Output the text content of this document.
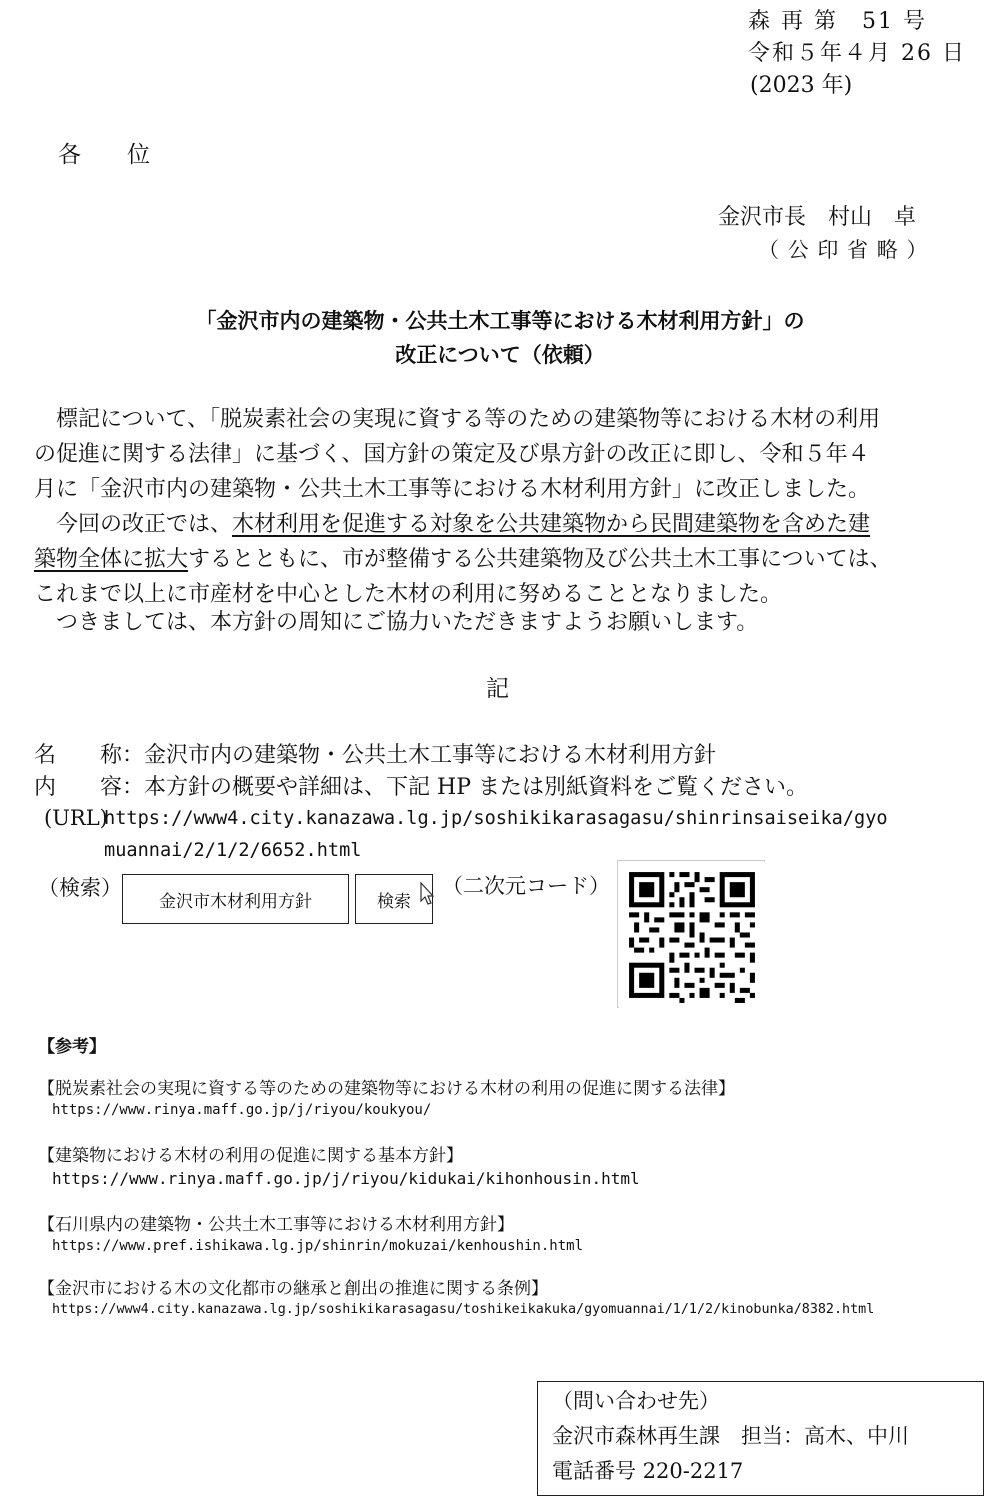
森 再 第　51 号
令和５年４月 26 日
(2023 年)
各　　位
金沢市長　村山　卓
（ 公 印 省 略 ）
「金沢市内の建築物・公共土木工事等における木材利用方針」の
改正について（依頼）
標記について、「脱炭素社会の実現に資する等のための建築物等における木材の利用
の促進に関する法律」に基づく、国方針の策定及び県方針の改正に即し、令和５年４
月に「金沢市内の建築物・公共土木工事等における木材利用方針」に改正しました。
今回の改正では、木材利用を促進する対象を公共建築物から民間建築物を含めた建
築物全体に拡大するとともに、市が整備する公共建築物及び公共土木工事については、
これまで以上に市産材を中心とした木材の利用に努めることとなりました。
つきましては、本方針の周知にご協力いただきますようお願いします。
記
名　　称：金沢市内の建築物・公共土木工事等における木材利用方針
内　　容：本方針の概要や詳細は、下記 HP または別紙資料をご覧ください。
(URL)
https://www4.city.kanazawa.lg.jp/soshikikarasagasu/shinrinsaiseika/gyo
muannai/2/1/2/6652.html
（検索）
金沢市木材利用方針	検索
（二次元コード）
【参考】
【脱炭素社会の実現に資する等のための建築物等における木材の利用の促進に関する法律】
https://www.rinya.maff.go.jp/j/riyou/koukyou/
【建築物における木材の利用の促進に関する基本方針】
https://www.rinya.maff.go.jp/j/riyou/kidukai/kihonhousin.html
【石川県内の建築物・公共土木工事等における木材利用方針】
https://www.pref.ishikawa.lg.jp/shinrin/mokuzai/kenhoushin.html
【金沢市における木の文化都市の継承と創出の推進に関する条例】
https://www4.city.kanazawa.lg.jp/soshikikarasagasu/toshikeikakuka/gyomuannai/1/1/2/kinobunka/8382.html
（問い合わせ先）
金沢市森林再生課　担当：高木、中川
電話番号 220-2217
